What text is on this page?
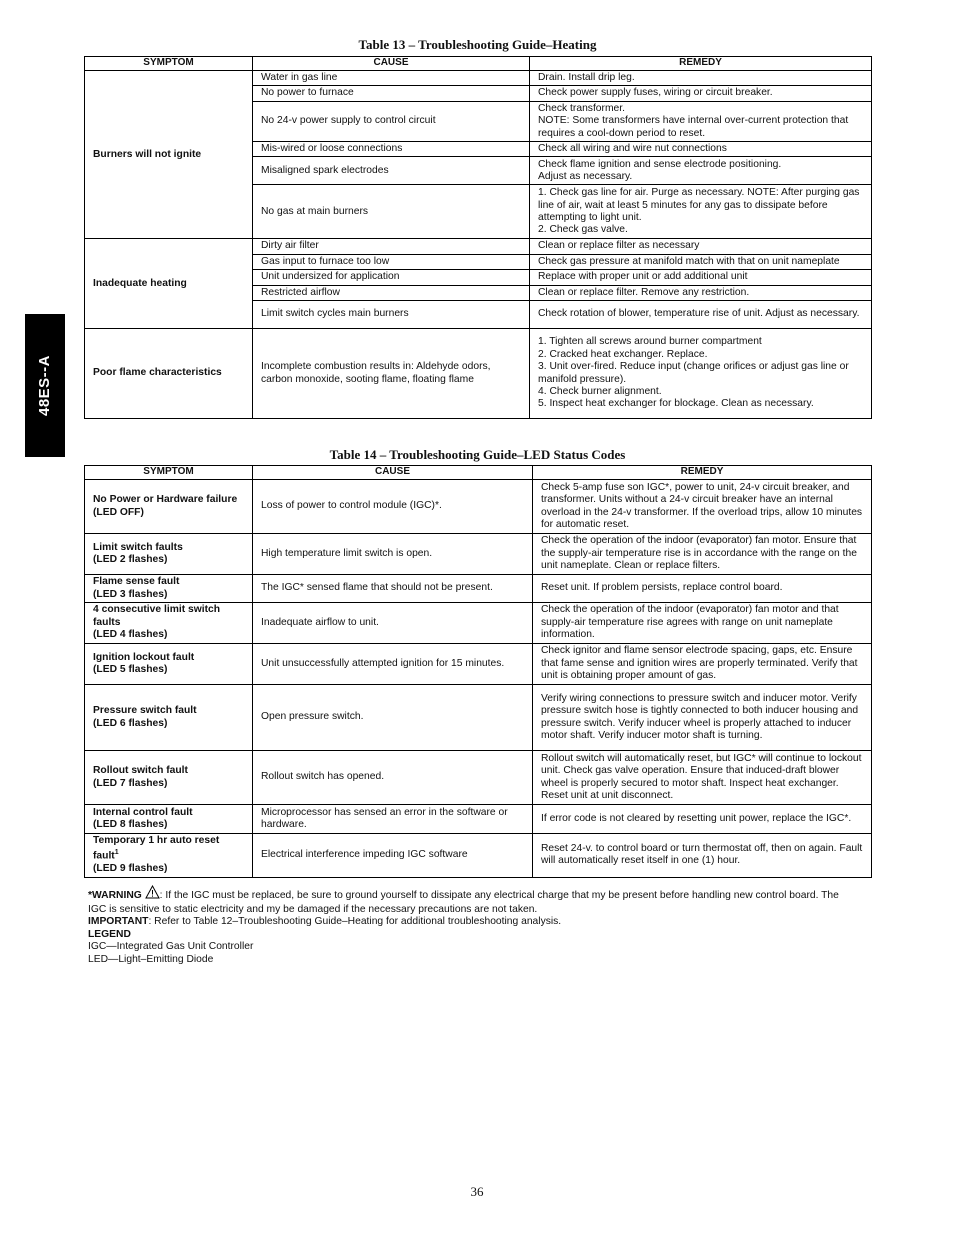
48ES--A
Table 13 – Troubleshooting Guide–Heating
SYMPTOM	CAUSE	REMEDY
Burners will not ignite	Water in gas line	Drain. Install drip leg.
	No power to furnace	Check power supply fuses, wiring or circuit breaker.
	No 24-v power supply to control circuit	Check transformer.
NOTE: Some transformers have internal over-current protection that requires a cool-down period to reset.
	Mis-wired or loose connections	Check all wiring and wire nut connections
	Misaligned spark electrodes	Check flame ignition and sense electrode positioning.
Adjust as necessary.
	No gas at main burners	1. Check gas line for air. Purge as necessary. NOTE: After purging gas line of air, wait at least 5 minutes for any gas to dissipate before attempting to light unit.
2. Check gas valve.
Inadequate heating	Dirty air filter	Clean or replace filter as necessary
	Gas input to furnace too low	Check gas pressure at manifold match with that on unit nameplate
	Unit undersized for application	Replace with proper unit or add additional unit
	Restricted airflow	Clean or replace filter. Remove any restriction.
	Limit switch cycles main burners	Check rotation of blower, temperature rise of unit. Adjust as necessary.
Poor flame characteristics	Incomplete combustion results in: Aldehyde odors, carbon monoxide, sooting flame, floating flame	1. Tighten all screws around burner compartment
2. Cracked heat exchanger. Replace.
3. Unit over-fired. Reduce input (change orifices or adjust gas line or manifold pressure).
4. Check burner alignment.
5. Inspect heat exchanger for blockage. Clean as necessary.
Table 14 – Troubleshooting Guide–LED Status Codes
SYMPTOM	CAUSE	REMEDY
No Power or Hardware failure
(LED OFF)	Loss of power to control module (IGC)*.	Check 5-amp fuse son IGC*, power to unit, 24-v circuit breaker, and transformer. Units without a 24-v circuit breaker have an internal overload in the 24-v transformer. If the overload trips, allow 10 minutes for automatic reset.
Limit switch faults
(LED 2 flashes)	High temperature limit switch is open.	Check the operation of the indoor (evaporator) fan motor. Ensure that the supply-air temperature rise is in accordance with the range on the unit nameplate. Clean or replace filters.
Flame sense fault
(LED 3 flashes)	The IGC* sensed flame that should not be present.	Reset unit. If problem persists, replace control board.
4 consecutive limit switch faults
(LED 4 flashes)	Inadequate airflow to unit.	Check the operation of the indoor (evaporator) fan motor and that supply-air temperature rise agrees with range on unit nameplate information.
Ignition lockout fault
(LED 5 flashes)	Unit unsuccessfully attempted ignition for 15 minutes.	Check ignitor and flame sensor electrode spacing, gaps, etc. Ensure that fame sense and ignition wires are properly terminated. Verify that unit is obtaining proper amount of gas.
Pressure switch fault
(LED 6 flashes)	Open pressure switch.	Verify wiring connections to pressure switch and inducer motor. Verify pressure switch hose is tightly connected to both inducer housing and pressure switch. Verify inducer wheel is properly attached to inducer motor shaft. Verify inducer motor shaft is turning.
Rollout switch fault
(LED 7 flashes)	Rollout switch has opened.	Rollout switch will automatically reset, but IGC* will continue to lockout unit. Check gas valve operation. Ensure that induced-draft blower wheel is properly secured to motor shaft. Inspect heat exchanger. Reset unit at unit disconnect.
Internal control fault
(LED 8 flashes)	Microprocessor has sensed an error in the software or hardware.	If error code is not cleared by resetting unit power, replace the IGC*.
Temporary 1 hr auto reset fault$^1$
(LED 9 flashes)	Electrical interference impeding IGC software	Reset 24-v. to control board or turn thermostat off, then on again. Fault will automatically reset itself in one (1) hour.
*WARNING : If the IGC must be replaced, be sure to ground yourself to dissipate any electrical charge that my be present before handling new control board. The IGC is sensitive to static electricity and my be damaged if the necessary precautions are not taken.
IMPORTANT: Refer to Table 12–Troubleshooting Guide–Heating for additional troubleshooting analysis.
LEGEND
IGC—Integrated Gas Unit Controller
LED—Light–Emitting Diode
36
